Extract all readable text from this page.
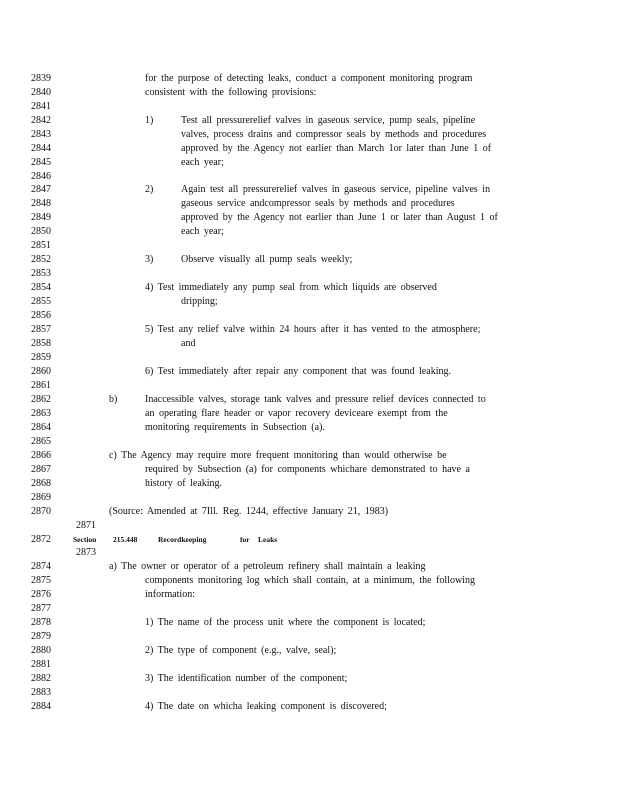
2839	for the purpose of detecting leaks, conduct a component monitoring program
2840	consistent with the following provisions:
2841
2842	1)	Test all pressurerelief valves in gaseous service, pump seals, pipeline
2843	valves, process drains and compressor seals by methods and procedures
2844	approved by the Agency not earlier than March 1or later than June 1 of
2845	each year;
2846
2847	2)	Again test all pressurerelief valves in gaseous service, pipeline valves in
2848	gaseous service andcompressor seals by methods and procedures
2849	approved by the Agency not earlier than June 1 or later than August 1 of
2850	each year;
2851
2852	3)	Observe visually all pump seals weekly;
2853
2854	4) Test immediately any pump seal from which liquids are observed
2855	dripping;
2856
2857	5) Test any relief valve within 24 hours after it has vented to the atmosphere;
2858	and
2859
2860	6) Test immediately after repair any component that was found leaking.
2861
2862	b)	Inaccessible valves, storage tank valves and pressure relief devices connected to
2863	an operating flare header or vapor recovery deviceare exempt from the
2864	monitoring requirements in Subsection (a).
2865
2866	c) The Agency may require more frequent monitoring than would otherwise be
2867	required by Subsection (a) for components whichare demonstrated to have a
2868	history of leaking.
2869
2870	(Source: Amended at 7Ill. Reg. 1244, effective January 21, 1983)
2871
2872	Section 215.448	Recordkeeping	for Leaks
2873
2874	a) The owner or operator of a petroleum refinery shall maintain a leaking
2875	components monitoring log which shall contain, at a minimum, the following
2876	information:
2877
2878	1) The name of the process unit where the component is located;
2879
2880	2) The type of component (e.g., valve, seal);
2881
2882	3) The identification number of the component;
2883
2884	4) The date on whicha leaking component is discovered;
